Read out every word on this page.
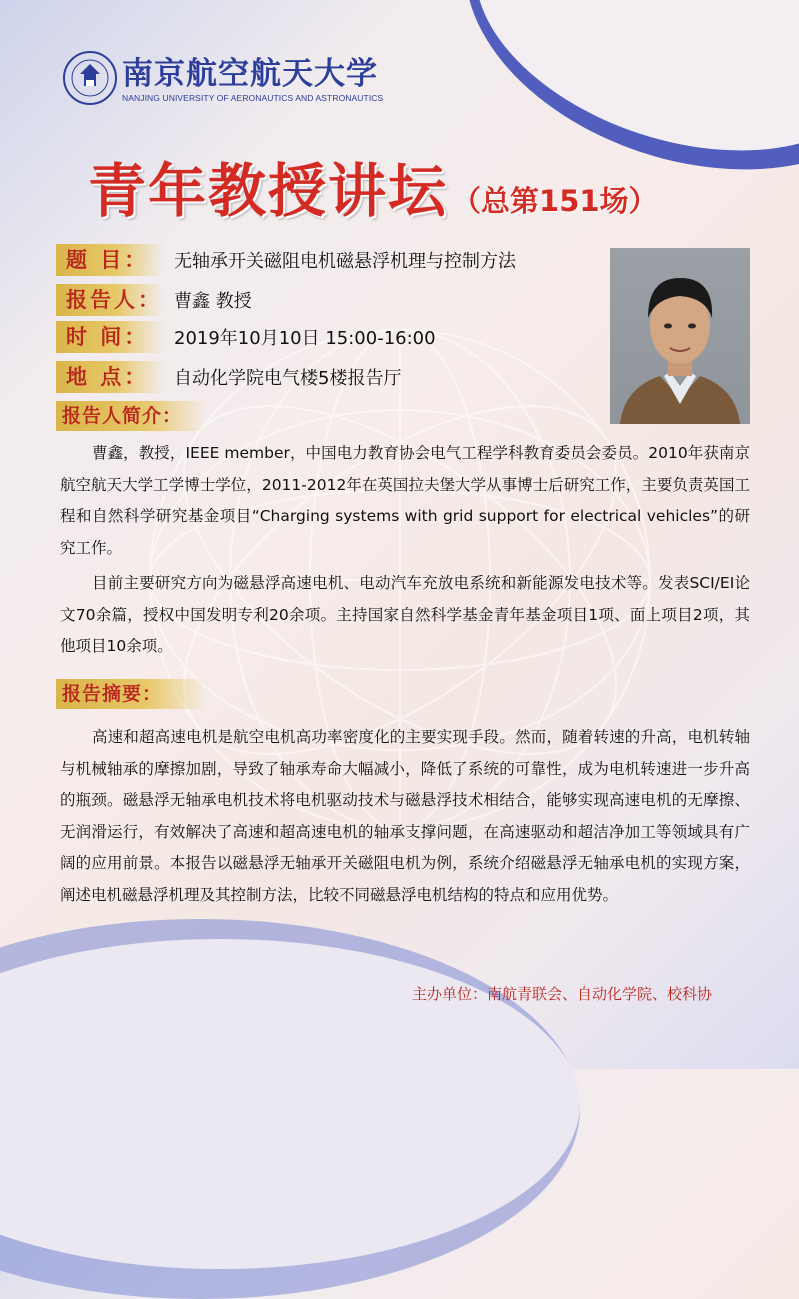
南京航空航天大学
NANJING UNIVERSITY OF AERONAUTICS AND ASTRONAUTICS
青年教授讲坛 （总第151场）
题 目：	无轴承开关磁阻电机磁悬浮机理与控制方法
报告人： 曹鑫 教授
时 间：	2019年10月10日 15:00-16:00
地 点：	自动化学院电气楼5楼报告厅
报告人简介：
曹鑫，教授，IEEE member，中国电力教育协会电气工程学科教育委员会委员。2010年获南京航空航天大学工学博士学位，2011-2012年在英国拉夫堡大学从事博士后研究工作，主要负责英国工程和自然科学研究基金项目“Charging systems with grid support for electrical vehicles”的研究工作。
目前主要研究方向为磁悬浮高速电机、电动汽车充放电系统和新能源发电技术等。发表SCI/EI论文70余篇，授权中国发明专利20余项。主持国家自然科学基金青年基金项目1项、面上项目2项，其他项目10余项。
报告摘要：
高速和超高速电机是航空电机高功率密度化的主要实现手段。然而，随着转速的升高，电机转轴与机械轴承的摩擦加剧，导致了轴承寿命大幅减小，降低了系统的可靠性，成为电机转速进一步升高的瓶颈。磁悬浮无轴承电机技术将电机驱动技术与磁悬浮技术相结合，能够实现高速电机的无摩擦、无润滑运行，有效解决了高速和超高速电机的轴承支撑问题，在高速驱动和超洁净加工等领域具有广阔的应用前景。本报告以磁悬浮无轴承开关磁阻电机为例，系统介绍磁悬浮无轴承电机的实现方案，阐述电机磁悬浮机理及其控制方法，比较不同磁悬浮电机结构的特点和应用优势。
主办单位：南航青联会、自动化学院、校科协
